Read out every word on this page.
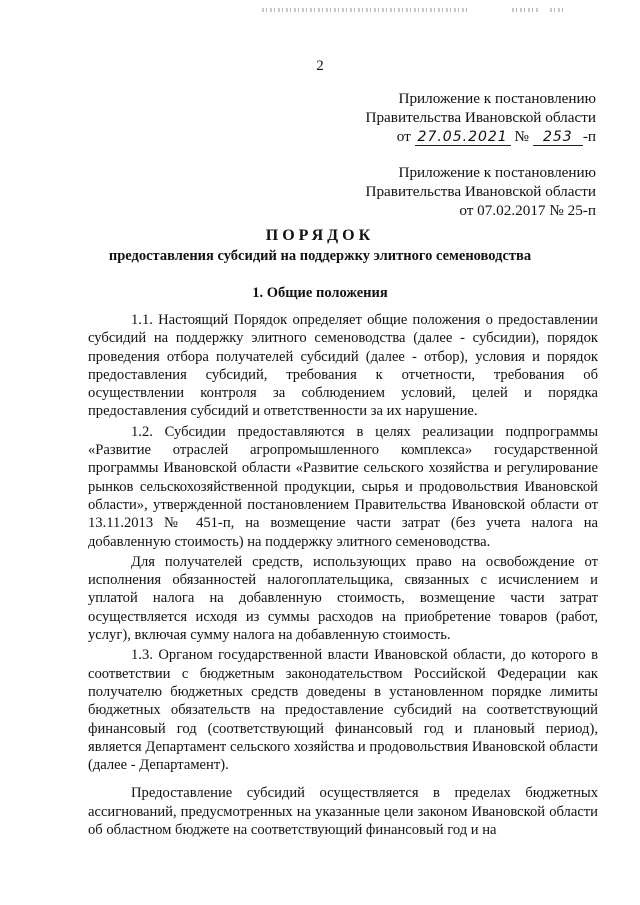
2
Приложение к постановлению
Правительства Ивановской области
от 27.05.2021 № 253 -п
Приложение к постановлению
Правительства Ивановской области
от 07.02.2017 № 25-п
ПОРЯДОК
предоставления субсидий на поддержку элитного семеноводства
1. Общие положения

1.1. Настоящий Порядок определяет общие положения о предоставлении субсидий на поддержку элитного семеноводства (далее - субсидии), порядок проведения отбора получателей субсидий (далее - отбор), условия и порядок предоставления субсидий, требования к отчетности, требования об осуществлении контроля за соблюдением условий, целей и порядка предоставления субсидий и ответственности за их нарушение.

1.2. Субсидии предоставляются в целях реализации подпрограммы «Развитие отраслей агропромышленного комплекса» государственной программы Ивановской области «Развитие сельского хозяйства и регулирование рынков сельскохозяйственной продукции, сырья и продовольствия Ивановской области», утвержденной постановлением Правительства Ивановской области от 13.11.2013 № 451-п, на возмещение части затрат (без учета налога на добавленную стоимость) на поддержку элитного семеноводства.

Для получателей средств, использующих право на освобождение от исполнения обязанностей налогоплательщика, связанных с исчислением и уплатой налога на добавленную стоимость, возмещение части затрат осуществляется исходя из суммы расходов на приобретение товаров (работ, услуг), включая сумму налога на добавленную стоимость.

1.3. Органом государственной власти Ивановской области, до которого в соответствии с бюджетным законодательством Российской Федерации как получателю бюджетных средств доведены в установленном порядке лимиты бюджетных обязательств на предоставление субсидий на соответствующий финансовый год (соответствующий финансовый год и плановый период), является Департамент сельского хозяйства и продовольствия Ивановской области (далее - Департамент).

Предоставление субсидий осуществляется в пределах бюджетных ассигнований, предусмотренных на указанные цели законом Ивановской области об областном бюджете на соответствующий финансовый год и на
